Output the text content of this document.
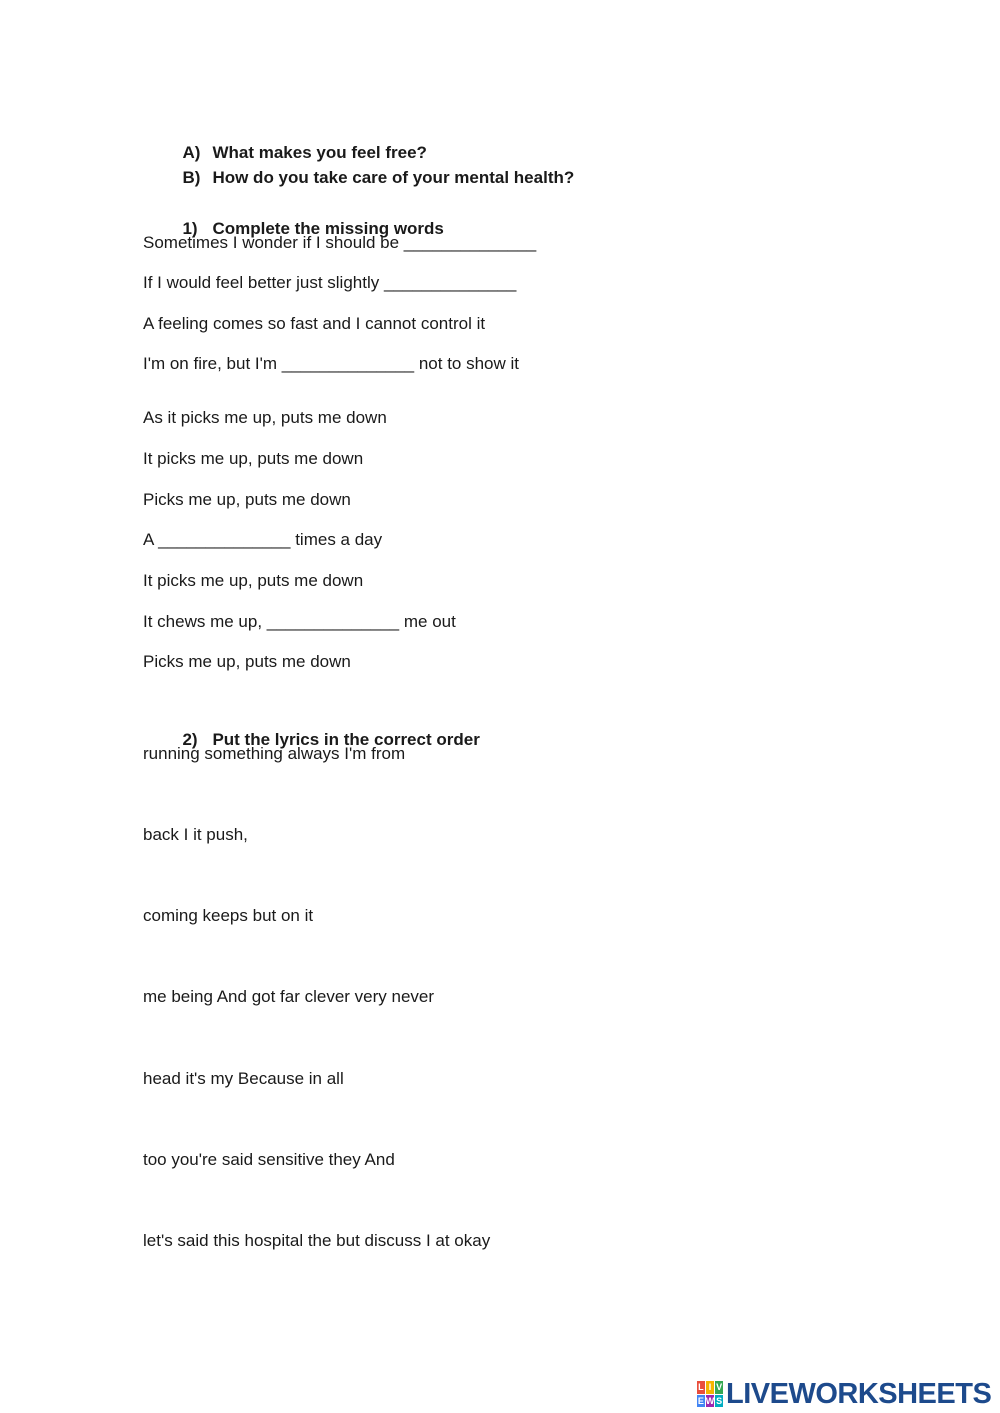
A) What makes you feel free?

B) How do you take care of your mental health?

1) Complete the missing words

Sometimes I wonder if I should be ______________
If I would feel better just slightly ______________
A feeling comes so fast and I cannot control it
I'm on fire, but I'm ______________ not to show it
As it picks me up, puts me down
It picks me up, puts me down
Picks me up, puts me down
A ______________ times a day
It picks me up, puts me down
It chews me up, ______________ me out
Picks me up, puts me down

2) Put the lyrics in the correct order

running something always I'm from
back I it push,
coming keeps but on it
me being And got far clever very never
head it's my Because in all
too you're said sensitive they And
let's said this hospital the but discuss I at okay
L I V
E W S LIVEWORKSHEETS
